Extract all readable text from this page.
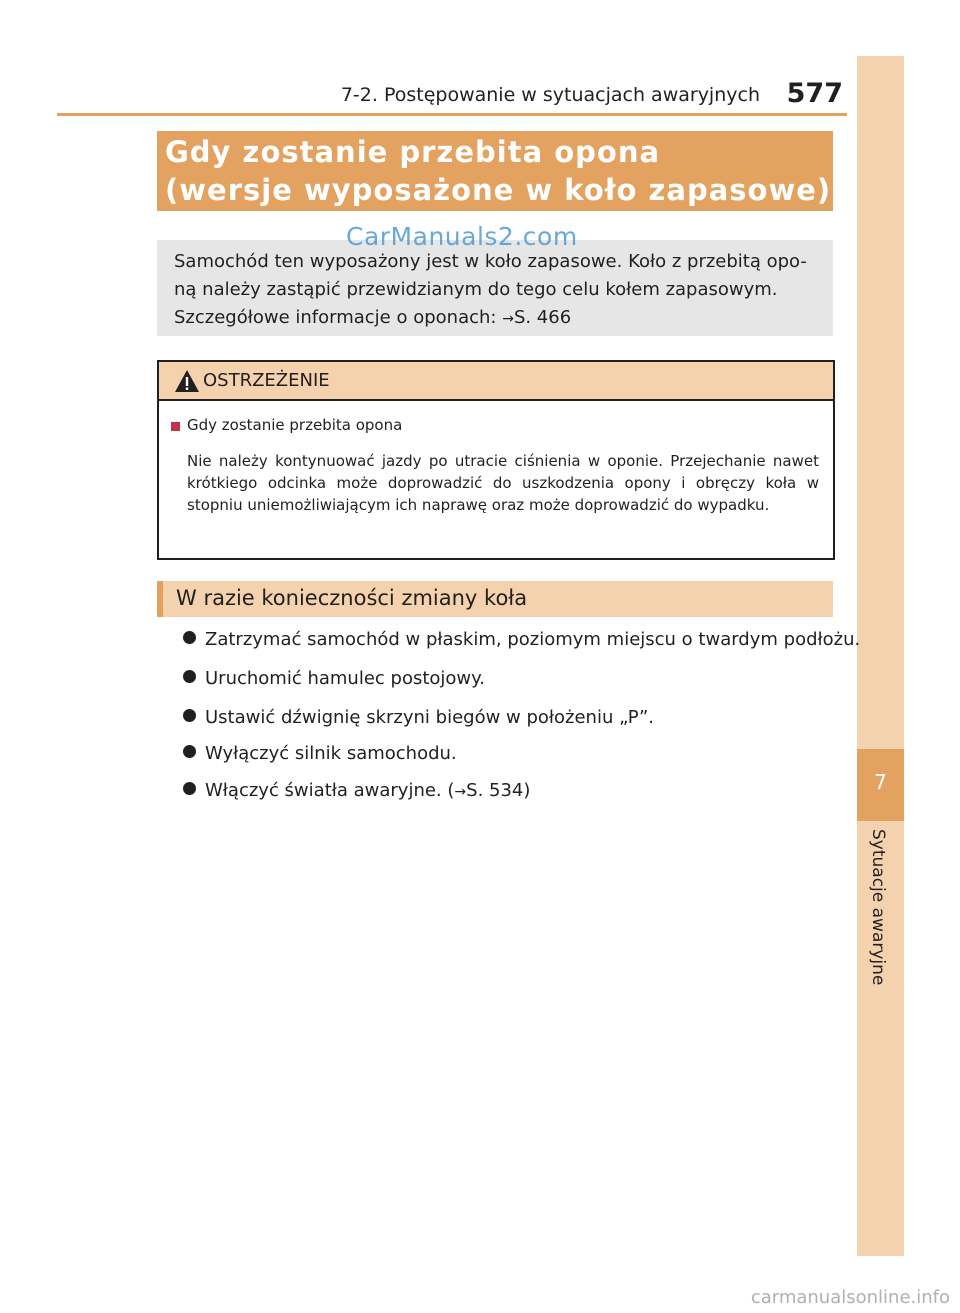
7-2. Postępowanie w sytuacjach awaryjnych 577
7
Sytuacje awaryjne
Gdy zostanie przebita opona
(wersje wyposażone w koło zapasowe)
Samochód ten wyposażony jest w koło zapasowe. Koło z przebitą opo-
ną należy zastąpić przewidzianym do tego celu kołem zapasowym.
Szczegółowe informacje o oponach: →S. 466
CarManuals2.com
OSTRZEŻENIE
Gdy zostanie przebita opona
Nie należy kontynuować jazdy po utracie ciśnienia w oponie. Przejechanie nawet krótkiego odcinka może doprowadzić do uszkodzenia opony i obręczy koła w stopniu uniemożliwiającym ich naprawę oraz może doprowadzić do wypadku.
W razie konieczności zmiany koła
Zatrzymać samochód w płaskim, poziomym miejscu o twardym podłożu.
Uruchomić hamulec postojowy.
Ustawić dźwignię skrzyni biegów w położeniu „P”.
Wyłączyć silnik samochodu.
Włączyć światła awaryjne. (→S. 534)
carmanualsonline.info
